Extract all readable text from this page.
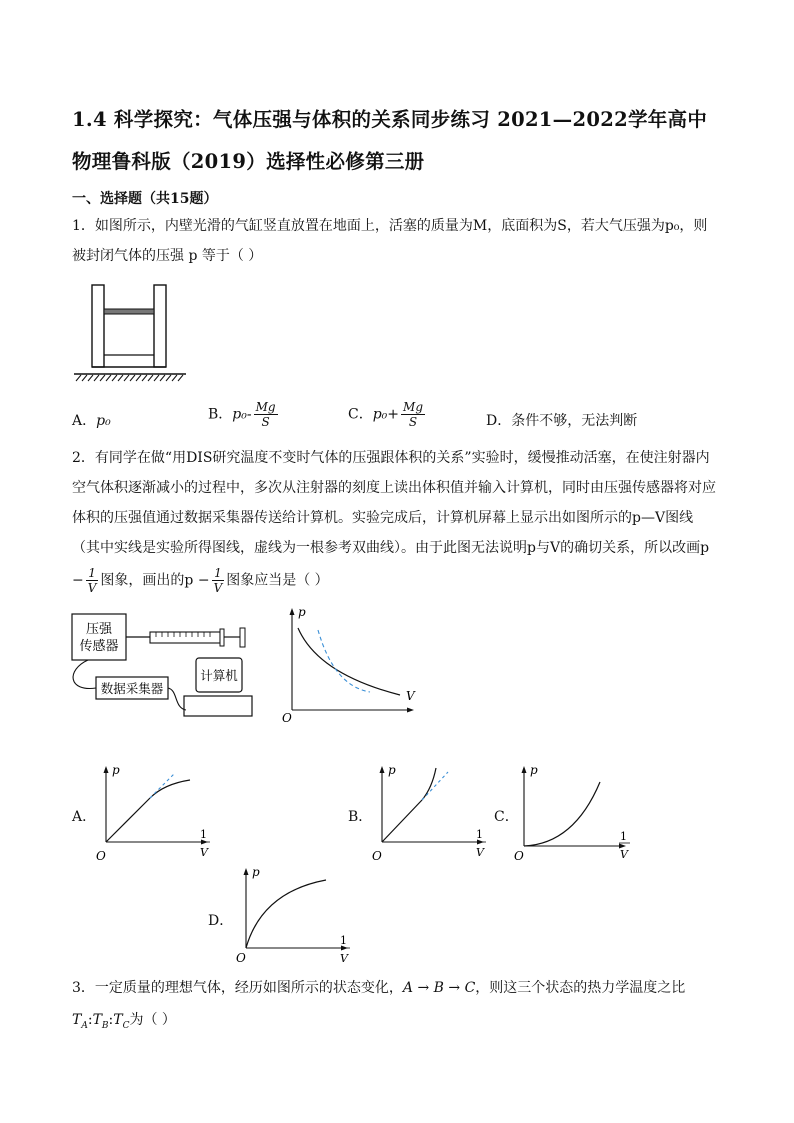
1.4 科学探究：气体压强与体积的关系同步练习 2021—2022学年高中
物理鲁科版（2019）选择性必修第三册
一、选择题（共15题）
1．如图所示，内壁光滑的气缸竖直放置在地面上，活塞的质量为M，底面积为S，若大气压强为p₀，则
被封闭气体的压强 p 等于（ ）
A．p₀	B．$p_0- \frac{Mg}{S}$	C．$p_0+ \frac{Mg}{S}$	D．条件不够，无法判断
2．有同学在做“用DIS研究温度不变时气体的压强跟体积的关系”实验时，缓慢推动活塞，在使注射器内
空气体积逐渐减小的过程中，多次从注射器的刻度上读出体积值并输入计算机，同时由压强传感器将对应
体积的压强值通过数据采集器传送给计算机。实验完成后，计算机屏幕上显示出如图所示的p—V图线
（其中实线是实验所得图线，虚线为一根参考双曲线）。由于此图无法说明p与V的确切关系，所以改画p
− $\frac{1}{V}$ 图象，画出的$p - \frac{1}{V}$ 图象应当是（ ）
压强
传感器
数据采集器
计算机
p
V
O
A．
p
O
1
V
B．
p
O
1
V
C．
p
O
1
V
D．
p
O
1
V
3．一定质量的理想气体，经历如图所示的状态变化，A → B → C，则这三个状态的热力学温度之比
$T_A:T_B:T_C$为（ ）
